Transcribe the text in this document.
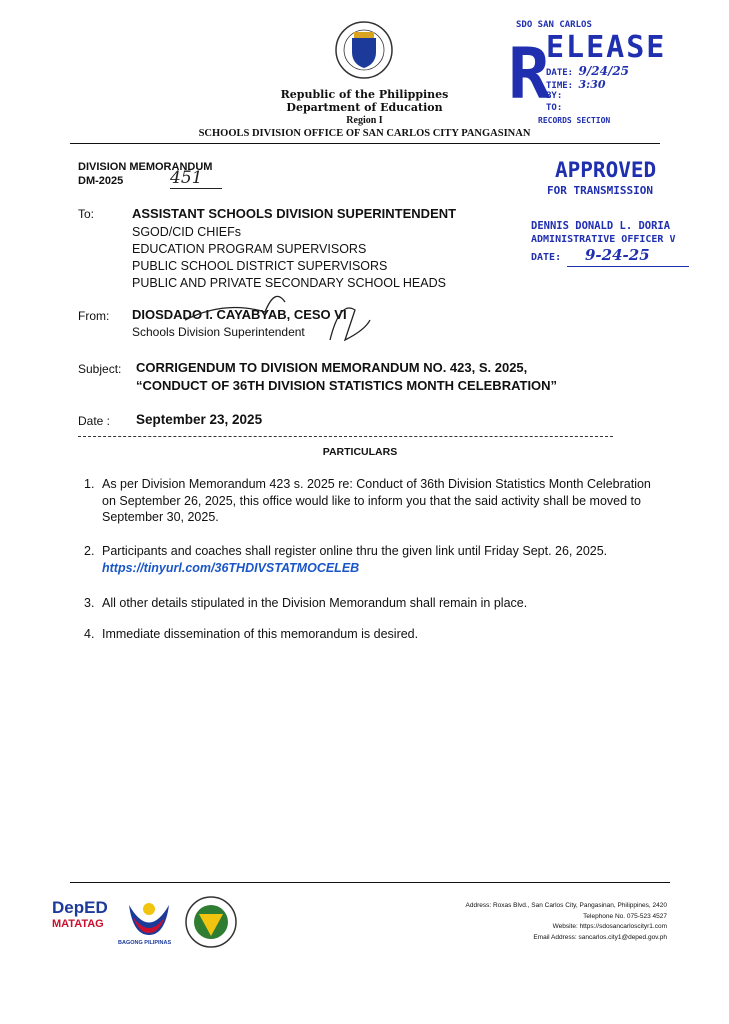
Republic of the Philippines
Department of Education
Region I
SCHOOLS DIVISION OFFICE OF SAN CARLOS CITY PANGASINAN
SDO SAN CARLOS
R
ELEASE
DATE: 9/24/25
TIME: 3:30
BY:
TO:
RECORDS SECTION
APPROVED
FOR TRANSMISSION
DENNIS DONALD L. DORIA
ADMINISTRATIVE OFFICER V
DATE: 9-24-25
DIVISION MEMORANDUM
DM-2025	451
To:	ASSISTANT SCHOOLS DIVISION SUPERINTENDENT
SGOD/CID CHIEFs
EDUCATION PROGRAM SUPERVISORS
PUBLIC SCHOOL DISTRICT SUPERVISORS
PUBLIC AND PRIVATE SECONDARY SCHOOL HEADS
From: DIOSDADO I. CAYABYAB, CESO VI
Schools Division Superintendent
Subject: CORRIGENDUM TO DIVISION MEMORANDUM NO. 423, S. 2025,
“CONDUCT OF 36TH DIVISION STATISTICS MONTH CELEBRATION”
Date : September 23, 2025
PARTICULARS
1. As per Division Memorandum 423 s. 2025 re: Conduct of 36th Division Statistics Month Celebration on September 26, 2025, this office would like to inform you that the said activity shall be moved to September 30, 2025.
2. Participants and coaches shall register online thru the given link until Friday Sept. 26, 2025.
https://tinyurl.com/36THDIVSTATMOCELEB
3. All other details stipulated in the Division Memorandum shall remain in place.
4. Immediate dissemination of this memorandum is desired.
DepED
MATATAG
BAGONG PILIPINAS
Address: Roxas Blvd., San Carlos City, Pangasinan, Philippines, 2420
Telephone No. 075-523 4527
Website: https://sdosancarloscityr1.com
Email Address: sancarlos.city1@deped.gov.ph
